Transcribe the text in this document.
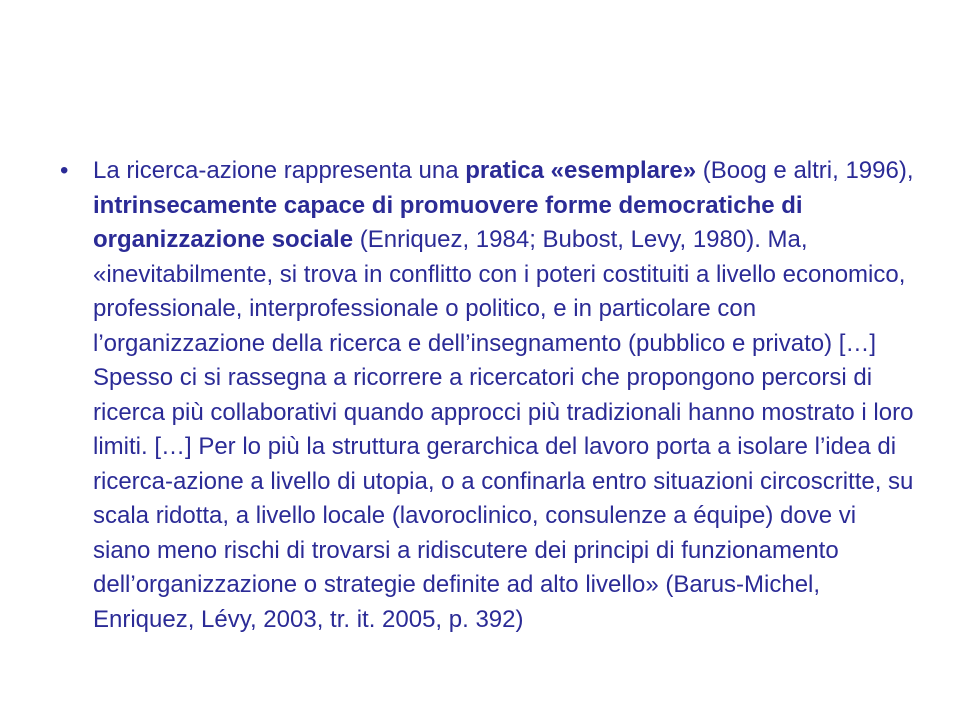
•	La ricerca-azione rappresenta una pratica «esemplare» (Boog e altri, 1996), intrinsecamente capace di promuovere forme democratiche di organizzazione sociale (Enriquez, 1984; Bubost, Levy, 1980). Ma, «inevitabilmente, si trova in conflitto con i poteri costituiti a livello economico, professionale, interprofessionale o politico, e in particolare con l’organizzazione della ricerca e dell’insegnamento (pubblico e privato) […] Spesso ci si rassegna a ricorrere a ricercatori che propongono percorsi di ricerca più collaborativi quando approcci più tradizionali hanno mostrato i loro limiti. […] Per lo più la struttura gerarchica del lavoro porta a isolare l’idea di ricerca-azione a livello di utopia, o a confinarla entro situazioni circoscritte, su scala ridotta, a livello locale (lavoroclinico, consulenze a équipe) dove vi siano meno rischi di trovarsi a ridiscutere dei principi di funzionamento dell’organizzazione o strategie definite ad alto livello» (Barus-Michel, Enriquez, Lévy, 2003, tr. it. 2005, p. 392)
